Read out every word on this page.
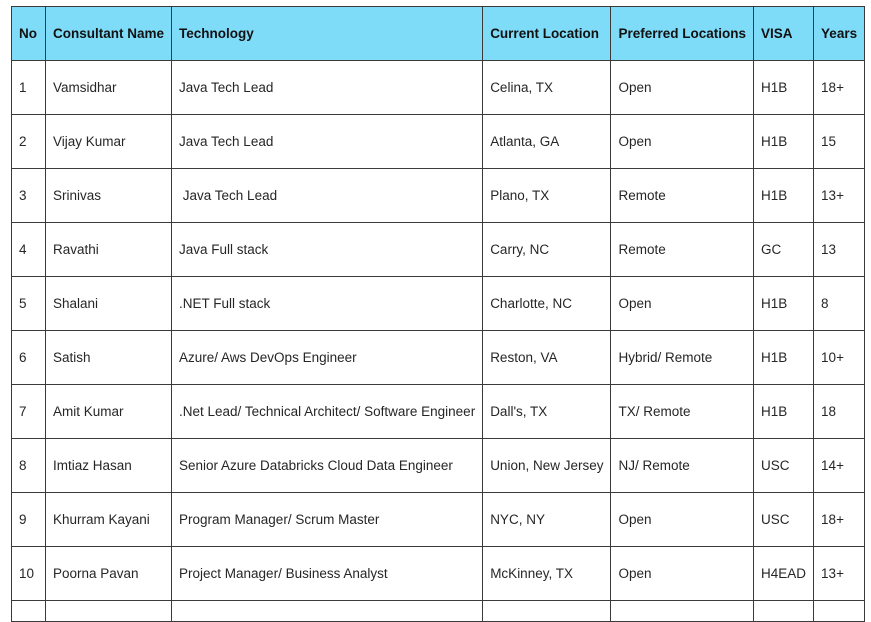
No	Consultant Name	Technology	Current Location	Preferred Locations	VISA	Years
1	Vamsidhar	Java Tech Lead	Celina, TX	Open	H1B	18+
2	Vijay Kumar	Java Tech Lead	Atlanta, GA	Open	H1B	15
3	Srinivas	Java Tech Lead	Plano, TX	Remote	H1B	13+
4	Ravathi	Java Full stack	Carry, NC	Remote	GC	13
5	Shalani	.NET Full stack	Charlotte, NC	Open	H1B	8
6	Satish	Azure/ Aws DevOps Engineer	Reston, VA	Hybrid/ Remote	H1B	10+
7	Amit Kumar	.Net Lead/ Technical Architect/ Software Engineer	Dall's, TX	TX/ Remote	H1B	18
8	Imtiaz Hasan	Senior Azure Databricks Cloud Data Engineer	Union, New Jersey	NJ/ Remote	USC	14+
9	Khurram Kayani	Program Manager/ Scrum Master	NYC, NY	Open	USC	18+
10	Poorna Pavan	Project Manager/ Business Analyst	McKinney, TX	Open	H4EAD	13+
